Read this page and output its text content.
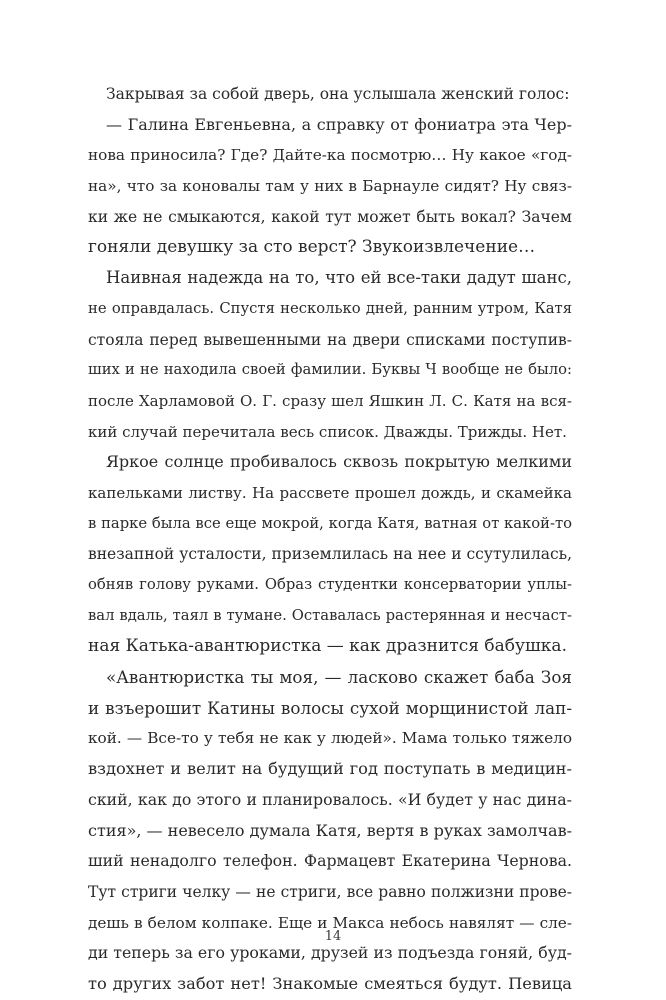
Закрывая за собой дверь, она услышала женский голос:
— Галина Евгеньевна, а справку от фониатра эта Чер-
нова приносила? Где? Дайте-ка посмотрю… Ну какое «год-
на», что за коновалы там у них в Барнауле сидят? Ну связ-
ки же не смыкаются, какой тут может быть вокал? Зачем
гоняли девушку за сто верст? Звукоизвлечение…
Наивная надежда на то, что ей все-таки дадут шанс,
не оправдалась. Спустя несколько дней, ранним утром, Катя
стояла перед вывешенными на двери списками поступив-
ших и не находила своей фамилии. Буквы Ч вообще не было:
после Харламовой О. Г. сразу шел Яшкин Л. С. Катя на вся-
кий случай перечитала весь список. Дважды. Трижды. Нет.
Яркое солнце пробивалось сквозь покрытую мелкими
капельками листву. На рассвете прошел дождь, и скамейка
в парке была все еще мокрой, когда Катя, ватная от какой-то
внезапной усталости, приземлилась на нее и ссутулилась,
обняв голову руками. Образ студентки консерватории уплы-
вал вдаль, таял в тумане. Оставалась растерянная и несчаст-
ная Катька-авантюристка — как дразнится бабушка.
«Авантюристка ты моя, — ласково скажет баба Зоя
и взъерошит Катины волосы сухой морщинистой лап-
кой. — Все-то у тебя не как у людей». Мама только тяжело
вздохнет и велит на будущий год поступать в медицин-
ский, как до этого и планировалось. «И будет у нас дина-
стия», — невесело думала Катя, вертя в руках замолчав-
ший ненадолго телефон. Фармацевт Екатерина Чернова.
Тут стриги челку — не стриги, все равно полжизни прове-
дешь в белом колпаке. Еще и Макса небось навялят — сле-
ди теперь за его уроками, друзей из подъезда гоняй, буд-
то других забот нет! Знакомые смеяться будут. Певица
14
